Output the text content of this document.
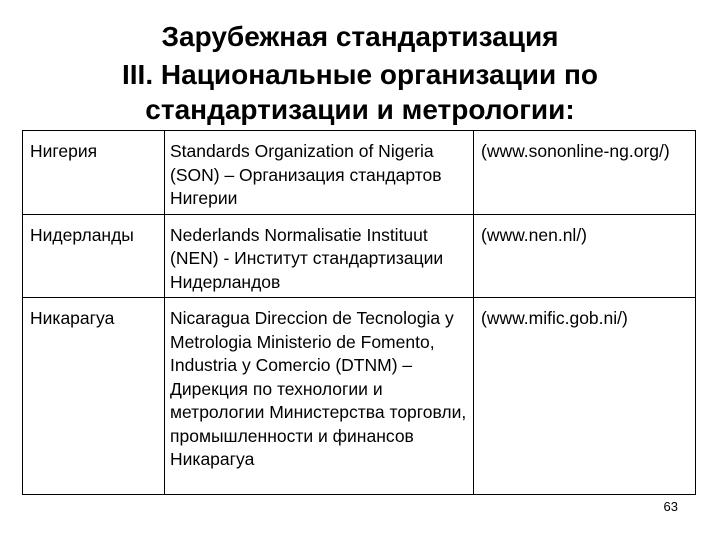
Зарубежная стандартизация
III. Национальные организации по
стандартизации и метрологии:
Нигерия	Standards Organization of Nigeria (SON) – Организация стандартов Нигерии	(www.sononline-ng.org/)
Нидерланды	Nederlands Normalisatie Instituut (NEN) - Институт стандартизации Нидерландов	(www.nen.nl/)
Никарагуа	Nicaragua Direccion de Tecnologia y Metrologia Ministerio de Fomento, Industria y Comercio (DTNM) – Дирекция по технологии и метрологии Министерства торговли, промышленности и финансов Никарагуа	(www.mific.gob.ni/)
63
